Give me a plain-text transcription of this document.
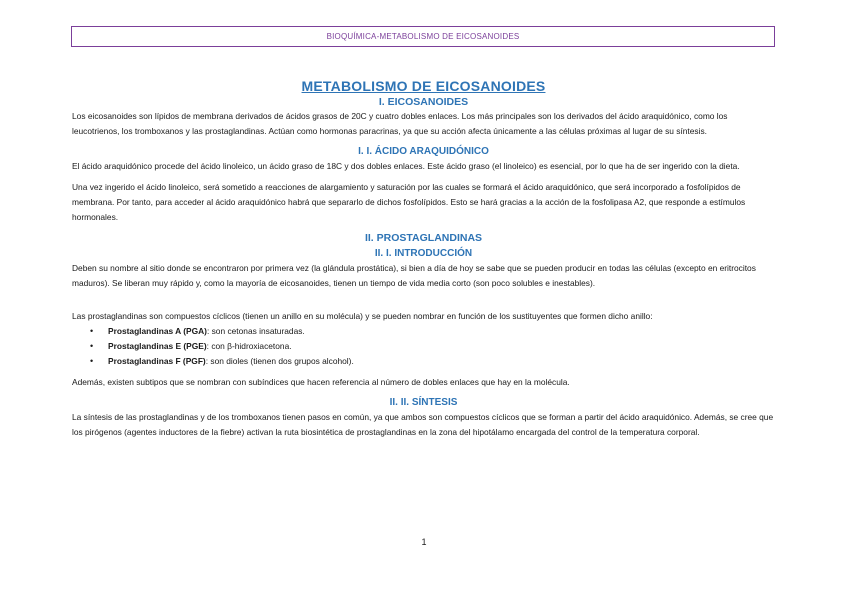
BIOQUÍMICA-METABOLISMO DE EICOSANOIDES
METABOLISMO DE EICOSANOIDES
I. EICOSANOIDES

Los eicosanoides son lípidos de membrana derivados de ácidos grasos de 20C y cuatro dobles enlaces. Los más principales son los derivados del ácido araquidónico, como los leucotrienos, los tromboxanos y las prostaglandinas. Actúan como hormonas paracrinas, ya que su acción afecta únicamente a las células próximas al lugar de su síntesis.

I. I. ÁCIDO ARAQUIDÓNICO

El ácido araquidónico procede del ácido linoleico, un ácido graso de 18C y dos dobles enlaces. Este ácido graso (el linoleico) es esencial, por lo que ha de ser ingerido con la dieta.

Una vez ingerido el ácido linoleico, será sometido a reacciones de alargamiento y saturación por las cuales se formará el ácido araquidónico, que será incorporado a fosfolípidos de membrana. Por tanto, para acceder al ácido araquidónico habrá que separarlo de dichos fosfolípidos. Esto se hará gracias a la acción de la fosfolipasa A2, que responde a estímulos hormonales.

II. PROSTAGLANDINAS
II. I. INTRODUCCIÓN

Deben su nombre al sitio donde se encontraron por primera vez (la glándula prostática), si bien a día de hoy se sabe que se pueden producir en todas las células (excepto en eritrocitos maduros). Se liberan muy rápido y, como la mayoría de eicosanoides, tienen un tiempo de vida media corto (son poco solubles e inestables).

Las prostaglandinas son compuestos cíclicos (tienen un anillo en su molécula) y se pueden nombrar en función de los sustituyentes que formen dicho anillo:

• Prostaglandinas A (PGA): son cetonas insaturadas.
• Prostaglandinas E (PGE): con β-hidroxiacetona.
• Prostaglandinas F (PGF): son dioles (tienen dos grupos alcohol).

Además, existen subtipos que se nombran con subíndices que hacen referencia al número de dobles enlaces que hay en la molécula.

II. II. SÍNTESIS

La síntesis de las prostaglandinas y de los tromboxanos tienen pasos en común, ya que ambos son compuestos cíclicos que se forman a partir del ácido araquidónico. Además, se cree que los pirógenos (agentes inductores de la fiebre) activan la ruta biosintética de prostaglandinas en la zona del hipotálamo encargada del control de la temperatura corporal.

1
